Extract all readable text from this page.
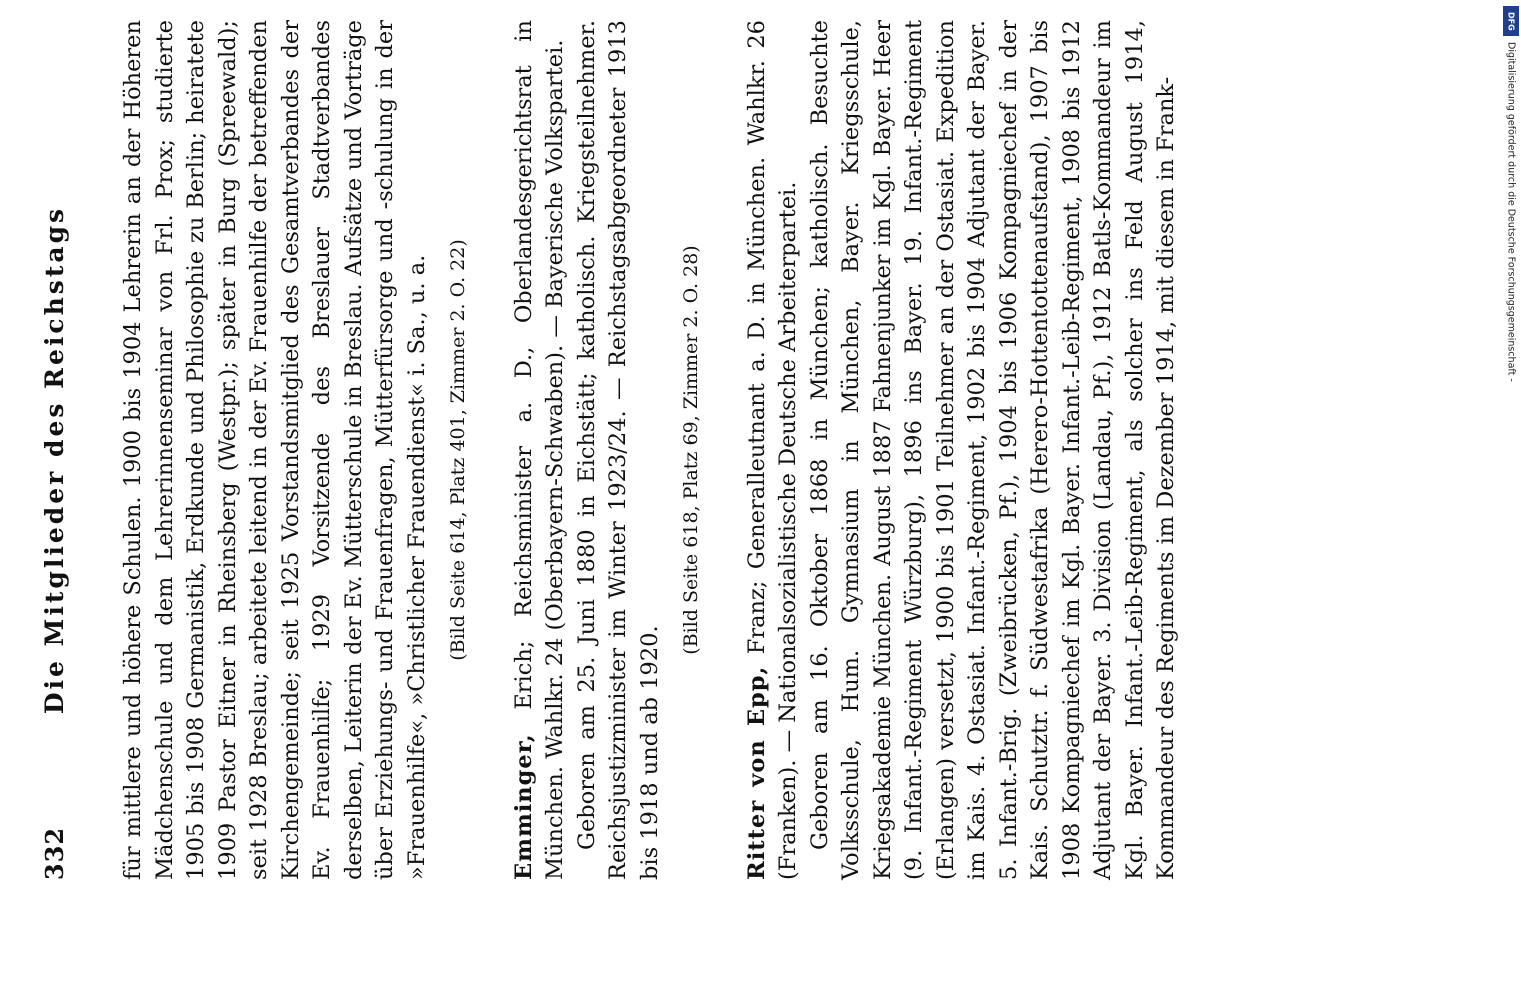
332
Die Mitglieder des Reichstags für mittlere und höhere Schulen. 1900 bis 1904 Lehrerin an der Höheren Mädchenschule und dem Lehrerinnenseminar von Frl. Prox; studierte 1905 bis 1908 Germanistik, Erdkunde und Philosophie zu Berlin; heiratete 1909 Pastor Eitner in Rheinsberg (Westpr.); später in Burg (Spreewald); seit 1928 Breslau; arbeitete leitend in der Ev. Frauenhilfe der betreffenden Kirchengemeinde; seit 1925 Vorstandsmitglied des Gesamtverbandes der Ev. Frauenhilfe; 1929 Vorsitzende des Breslauer Stadtverbandes derselben, Leiterin der Ev. Mütterschule in Breslau. Aufsätze und Vorträge über Erziehungs- und Frauenfragen, Mütterfürsorge und -schulung in der »Frauenhilfe«, »Christlicher Frauendienst« i. Sa., u. a. (Bild Seite 614, Platz 401, Zimmer 2. O. 22)

Emminger, Erich; Reichsminister a. D., Oberlandesgerichtsrat in München. Wahlkr. 24 (Oberbayern-Schwaben). — Bayerische Volkspartei. Geboren am 25. Juni 1880 in Eichstätt; katholisch. Kriegsteilnehmer. Reichsjustizminister im Winter 1923/24. — Reichstagsabgeordneter 1913 bis 1918 und ab 1920.

(Bild Seite 618, Platz 69, Zimmer 2. O. 28)

Ritter von Epp, Franz; Generalleutnant a. D. in München. Wahlkr. 26 (Franken). — Nationalsozialistische Deutsche Arbeiterpartei. Geboren am 16. Oktober 1868 in München; katholisch. Besuchte Volksschule, Hum. Gymnasium in München, Bayer. Kriegsschule, Kriegsakademie München. August 1887 Fahnenjunker im Kgl. Bayer. Heer (9. Infant.-Regiment Würzburg), 1896 ins Bayer. 19. Infant.-Regiment (Erlangen) versetzt, 1900 bis 1901 Teilnehmer an der Ostasiat. Expedition im Kais. 4. Ostasiat. Infant.-Regiment, 1902 bis 1904 Adjutant der Bayer. 5. Infant.-Brig. (Zweibrücken, Pf.), 1904 bis 1906 Kompagniechef in der Kais. Schutztr. f. Südwestafrika (Herero-Hottentottenaufstand), 1907 bis 1908 Kompagniechef im Kgl. Bayer. Infant.-Leib-Regiment, 1908 bis 1912 Adjutant der Bayer. 3. Division (Landau, Pf.), 1912 Batls-Kommandeur im Kgl. Bayer. Infant.-Leib-Regiment, als solcher ins Feld August 1914, Kommandeur des Regiments im Dezember 1914, mit diesem in Frank-

DFG
Digitalisierung gefördert durch die Deutsche Forschungsgemeinschaft -
